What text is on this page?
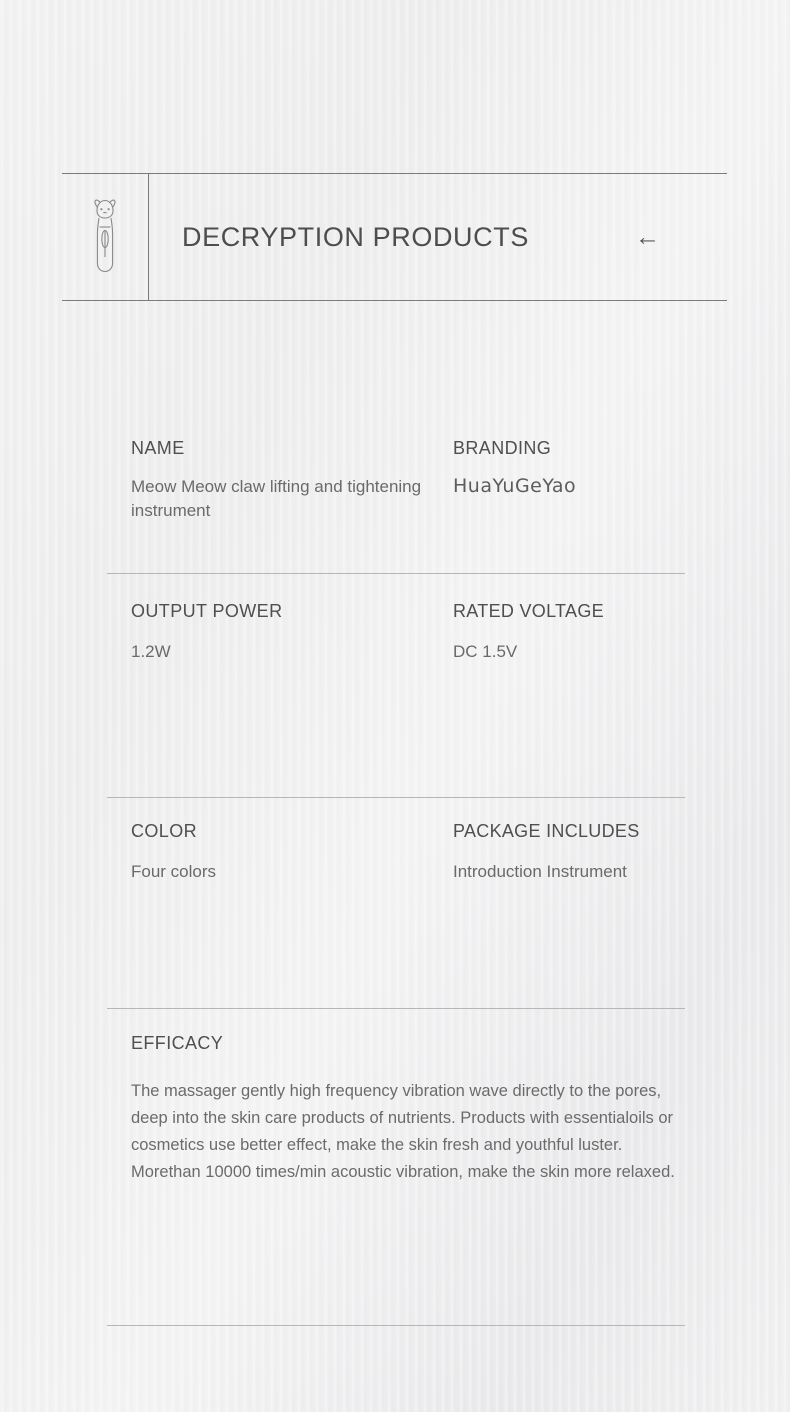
DECRYPTION PRODUCTS	←

NAME

Meow Meow claw lifting and tightening instrument

BRANDING

HuaYuGeYao

OUTPUT POWER

1.2W

RATED VOLTAGE

DC 1.5V

COLOR

Four colors

PACKAGE INCLUDES

Introduction Instrument

EFFICACY

The massager gently high frequency vibration wave directly to the pores, deep into the skin care products of nutrients. Products with essentialoils or cosmetics use better effect, make the skin fresh and youthful luster. Morethan 10000 times/min acoustic vibration, make the skin more relaxed.
